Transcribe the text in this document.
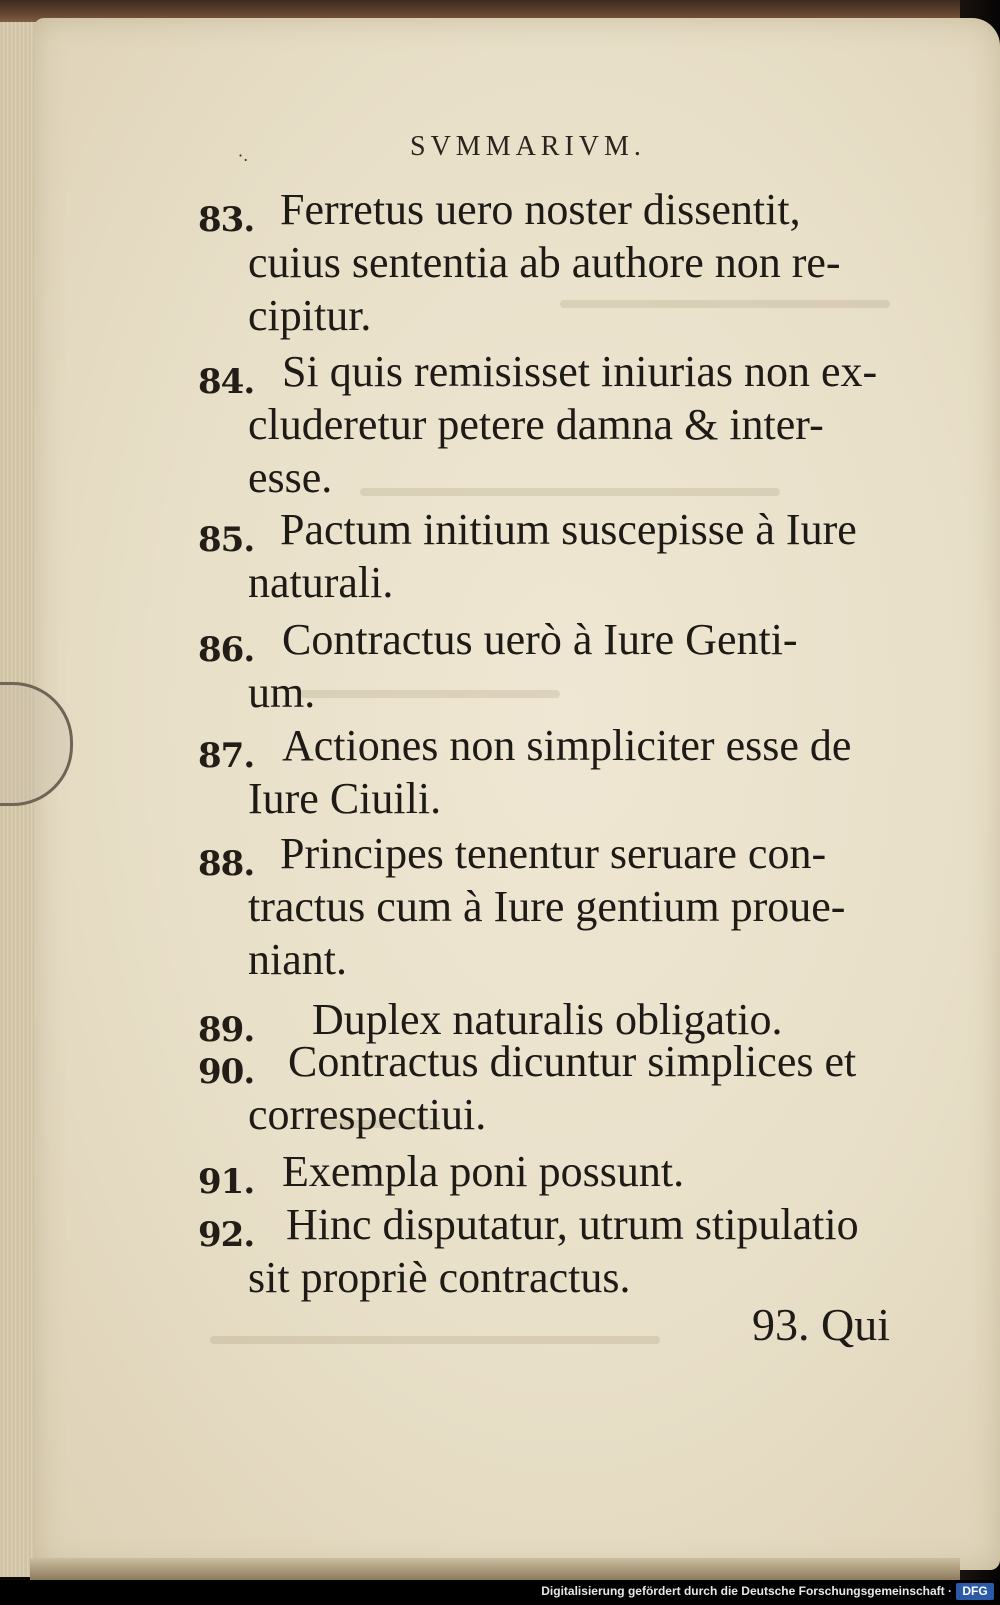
·.	SVMMARIVM.
83. Ferretus uero noster dissentit,
cuius sententia ab authore non re-
cipitur.
84. Si quis remisisset iniurias non ex-
cluderetur petere damna & inter-
esse.
85. Pactum initium suscepisse à Iure
naturali.
86. Contractus uerò à Iure Genti-
um.
87. Actiones non simpliciter esse de
Iure Ciuili.
88. Principes tenentur seruare con-
tractus cum à Iure gentium proue-
niant.
89.	Duplex naturalis obligatio.
90. Contractus dicuntur simplices et
correspectiui.
91. Exempla poni possunt.
92. Hinc disputatur, utrum stipulatio
sit propriè contractus.
93. Qui
Digitalisierung gefördert durch die Deutsche Forschungsgemeinschaft · DFG
